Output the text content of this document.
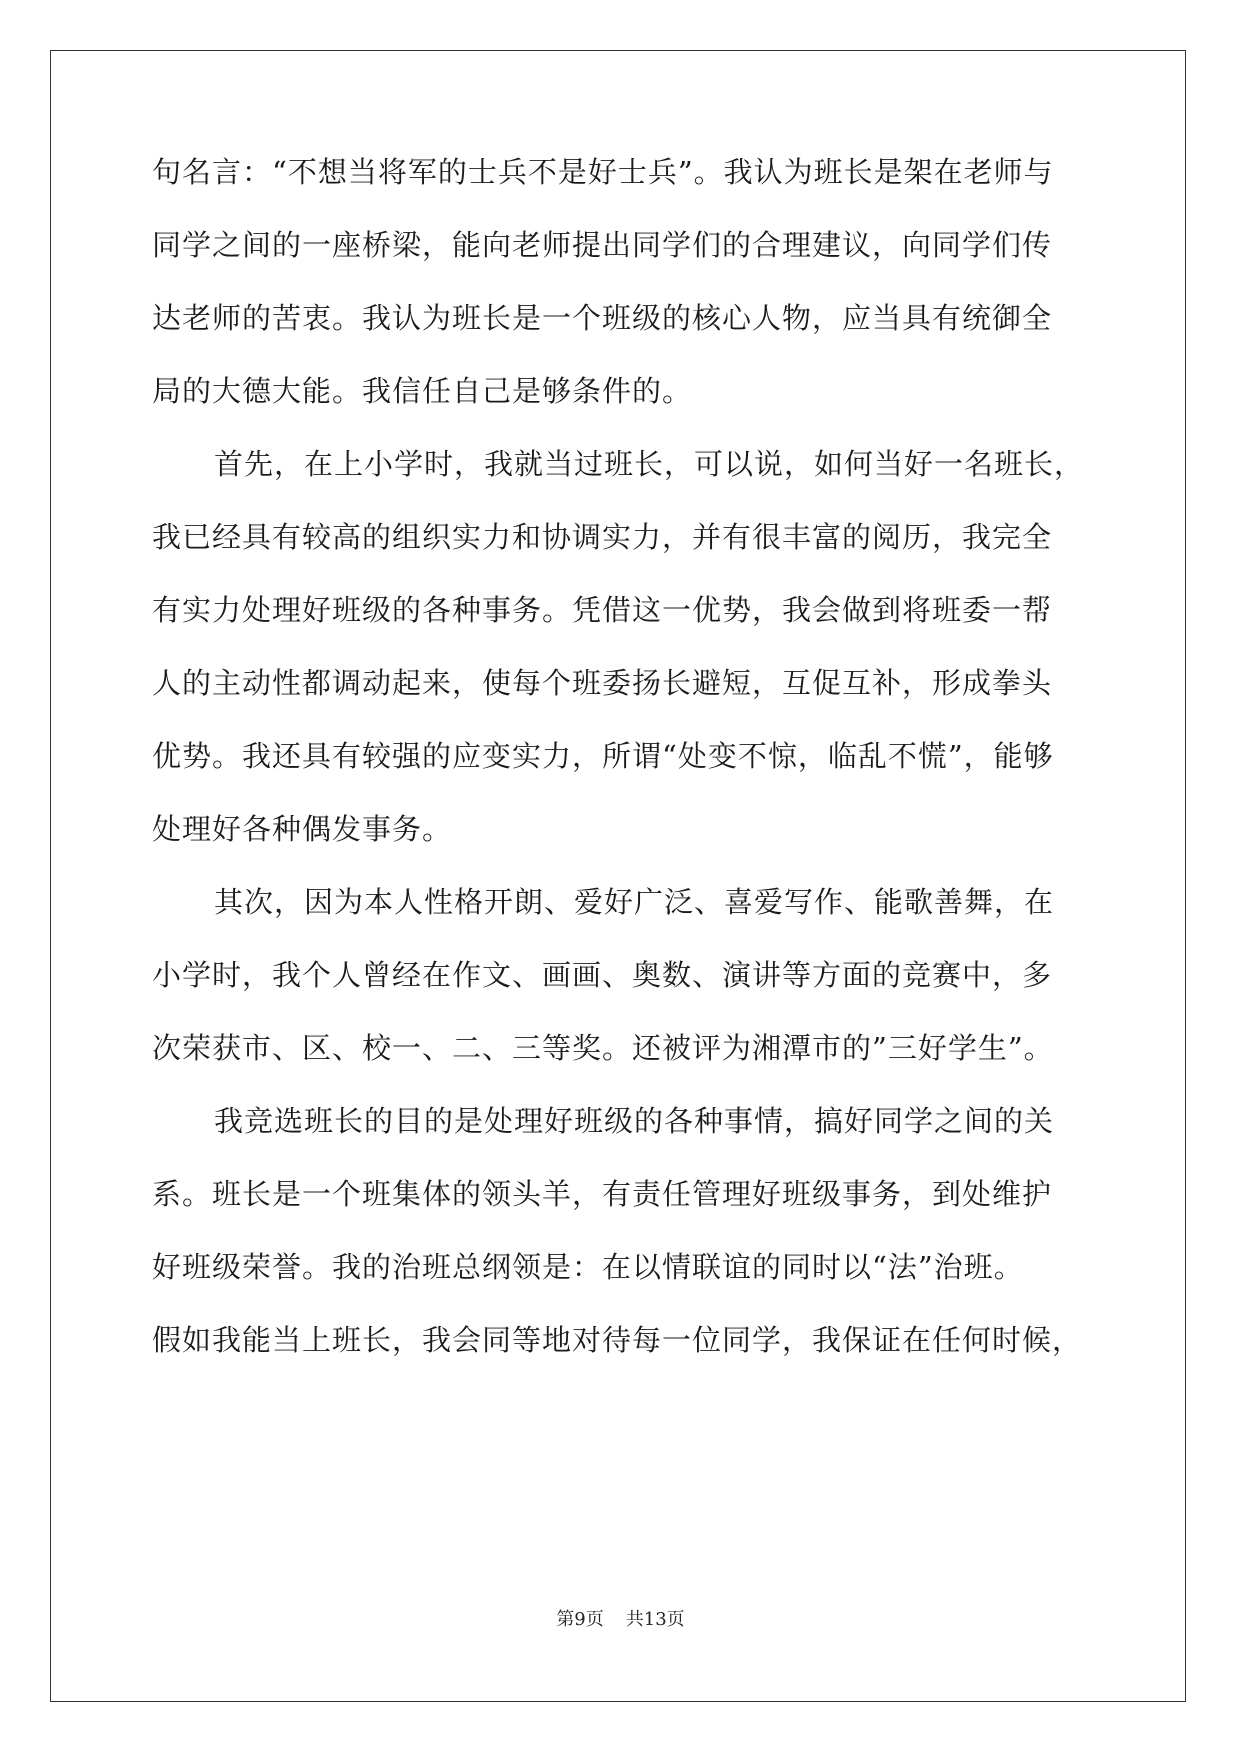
句名言：“不想当将军的士兵不是好士兵”。我认为班长是架在老师与
同学之间的一座桥梁，能向老师提出同学们的合理建议，向同学们传
达老师的苦衷。我认为班长是一个班级的核心人物，应当具有统御全
局的大德大能。我信任自己是够条件的。
首先，在上小学时，我就当过班长，可以说，如何当好一名班长，
我已经具有较高的组织实力和协调实力，并有很丰富的阅历，我完全
有实力处理好班级的各种事务。凭借这一优势，我会做到将班委一帮
人的主动性都调动起来，使每个班委扬长避短，互促互补，形成拳头
优势。我还具有较强的应变实力，所谓“处变不惊，临乱不慌”，能够
处理好各种偶发事务。
其次，因为本人性格开朗、爱好广泛、喜爱写作、能歌善舞，在
小学时，我个人曾经在作文、画画、奥数、演讲等方面的竞赛中，多
次荣获市、区、校一、二、三等奖。还被评为湘潭市的”三好学生”。
我竞选班长的目的是处理好班级的各种事情，搞好同学之间的关
系。班长是一个班集体的领头羊，有责任管理好班级事务，到处维护
好班级荣誉。我的治班总纲领是：在以情联谊的同时以“法”治班。
假如我能当上班长，我会同等地对待每一位同学，我保证在任何时候，
第9页 共13页
